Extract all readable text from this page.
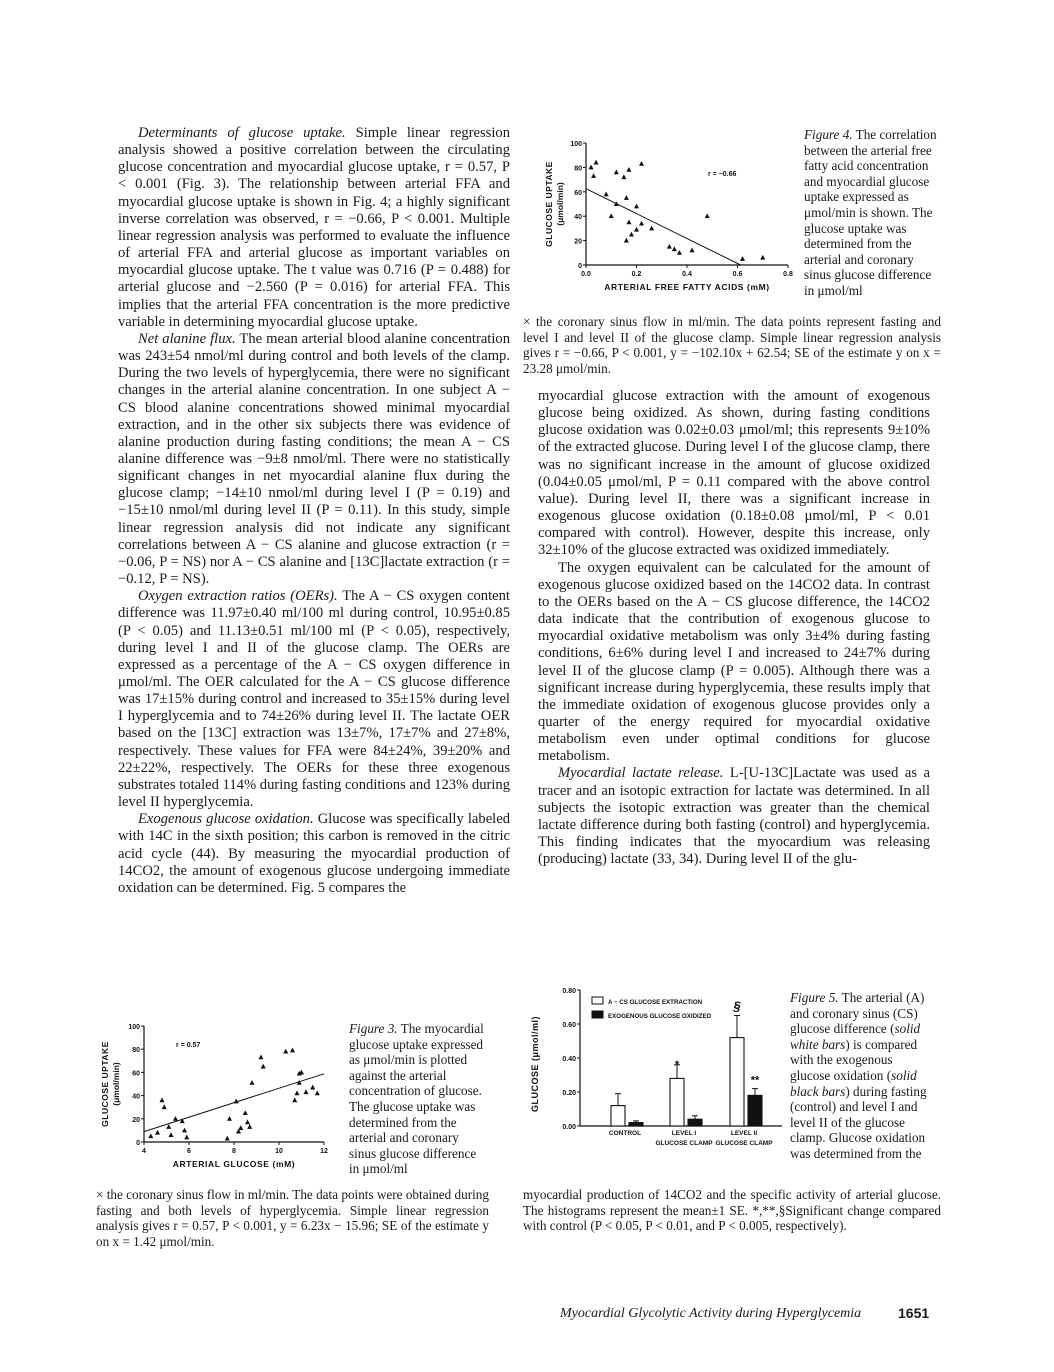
Determinants of glucose uptake. Simple linear regression analysis showed a positive correlation between the circulating glucose concentration and myocardial glucose uptake, r = 0.57, P < 0.001 (Fig. 3). The relationship between arterial FFA and myocardial glucose uptake is shown in Fig. 4; a highly significant inverse correlation was observed, r = −0.66, P < 0.001. Multiple linear regression analysis was performed to evaluate the influence of arterial FFA and arterial glucose as important variables on myocardial glucose uptake. The t value was 0.716 (P = 0.488) for arterial glucose and −2.560 (P = 0.016) for arterial FFA. This implies that the arterial FFA concentration is the more predictive variable in determining myocardial glucose uptake.

Net alanine flux. The mean arterial blood alanine concentration was 243±54 nmol/ml during control and both levels of the clamp. During the two levels of hyperglycemia, there were no significant changes in the arterial alanine concentration. In one subject A − CS blood alanine concentrations showed minimal myocardial extraction, and in the other six subjects there was evidence of alanine production during fasting conditions; the mean A − CS alanine difference was −9±8 nmol/ml. There were no statistically significant changes in net myocardial alanine flux during the glucose clamp; −14±10 nmol/ml during level I (P = 0.19) and −15±10 nmol/ml during level II (P = 0.11). In this study, simple linear regression analysis did not indicate any significant correlations between A − CS alanine and glucose extraction (r = −0.06, P = NS) nor A − CS alanine and [13C]lactate extraction (r = −0.12, P = NS).

Oxygen extraction ratios (OERs). The A − CS oxygen content difference was 11.97±0.40 ml/100 ml during control, 10.95±0.85 (P < 0.05) and 11.13±0.51 ml/100 ml (P < 0.05), respectively, during level I and II of the glucose clamp. The OERs are expressed as a percentage of the A − CS oxygen difference in μmol/ml. The OER calculated for the A − CS glucose difference was 17±15% during control and increased to 35±15% during level I hyperglycemia and to 74±26% during level II. The lactate OER based on the [13C] extraction was 13±7%, 17±7% and 27±8%, respectively. These values for FFA were 84±24%, 39±20% and 22±22%, respectively. The OERs for these three exogenous substrates totaled 114% during fasting conditions and 123% during level II hyperglycemia.

Exogenous glucose oxidation. Glucose was specifically labeled with 14C in the sixth position; this carbon is removed in the citric acid cycle (44). By measuring the myocardial production of 14CO2, the amount of exogenous glucose undergoing immediate oxidation can be determined. Fig. 5 compares the

0
20
40
60
80
100
0.0	0.2	0.4	0.6	0.8
ARTERIAL FREE FATTY ACIDS (mM)
GLUCOSE UPTAKE (μmol/min)
r = −0.66
Figure 4. The correlation between the arterial free fatty acid concentration and myocardial glucose uptake expressed as μmol/min is shown. The glucose uptake was determined from the arterial and coronary sinus glucose difference in μmol/ml
× the coronary sinus flow in ml/min. The data points represent fasting and level I and level II of the glucose clamp. Simple linear regression analysis gives r = −0.66, P < 0.001, y = −102.10x + 62.54; SE of the estimate y on x = 23.28 μmol/min.

myocardial glucose extraction with the amount of exogenous glucose being oxidized. As shown, during fasting conditions glucose oxidation was 0.02±0.03 μmol/ml; this represents 9±10% of the extracted glucose. During level I of the glucose clamp, there was no significant increase in the amount of glucose oxidized (0.04±0.05 μmol/ml, P = 0.11 compared with the above control value). During level II, there was a significant increase in exogenous glucose oxidation (0.18±0.08 μmol/ml, P < 0.01 compared with control). However, despite this increase, only 32±10% of the glucose extracted was oxidized immediately.

The oxygen equivalent can be calculated for the amount of exogenous glucose oxidized based on the 14CO2 data. In contrast to the OERs based on the A − CS glucose difference, the 14CO2 data indicate that the contribution of exogenous glucose to myocardial oxidative metabolism was only 3±4% during fasting conditions, 6±6% during level I and increased to 24±7% during level II of the glucose clamp (P = 0.005). Although there was a significant increase during hyperglycemia, these results imply that the immediate oxidation of exogenous glucose provides only a quarter of the energy required for myocardial oxidative metabolism even under optimal conditions for glucose metabolism.

Myocardial lactate release. L-[U-13C]Lactate was used as a tracer and an isotopic extraction for lactate was determined. In all subjects the isotopic extraction was greater than the chemical lactate difference during both fasting (control) and hyperglycemia. This finding indicates that the myocardium was releasing (producing) lactate (33, 34). During level II of the glu-

0
20
40
60
80
100
4	6	8	10	12
ARTERIAL GLUCOSE (mM)
GLUCOSE UPTAKE (μmol/min)
r = 0.57
Figure 3. The myocardial glucose uptake expressed as μmol/min is plotted against the arterial concentration of glucose. The glucose uptake was determined from the arterial and coronary sinus glucose difference in μmol/ml
× the coronary sinus flow in ml/min. The data points were obtained during fasting and both levels of hyperglycemia. Simple linear regression analysis gives r = 0.57, P < 0.001, y = 6.23x − 15.96; SE of the estimate y on x = 1.42 μmol/min.
0.00
0.20
0.40
0.60
0.80
GLUCOSE (μmol/ml)
A − CS GLUCOSE EXTRACTION
EXOGENOUS GLUCOSE OXIDIZED
CONTROL	LEVEL I
GLUCOSE CLAMP
LEVEL II
GLUCOSE CLAMP
*
§
**
Figure 5. The arterial (A) and coronary sinus (CS) glucose difference (solid white bars) is compared with the exogenous glucose oxidation (solid black bars) during fasting (control) and level I and level II of the glucose clamp. Glucose oxidation was determined from the
myocardial production of 14CO2 and the specific activity of arterial glucose. The histograms represent the mean±1 SE. *,**,§Significant change compared with control (P < 0.05, P < 0.01, and P < 0.005, respectively).
Myocardial Glycolytic Activity during Hyperglycemia	1651
